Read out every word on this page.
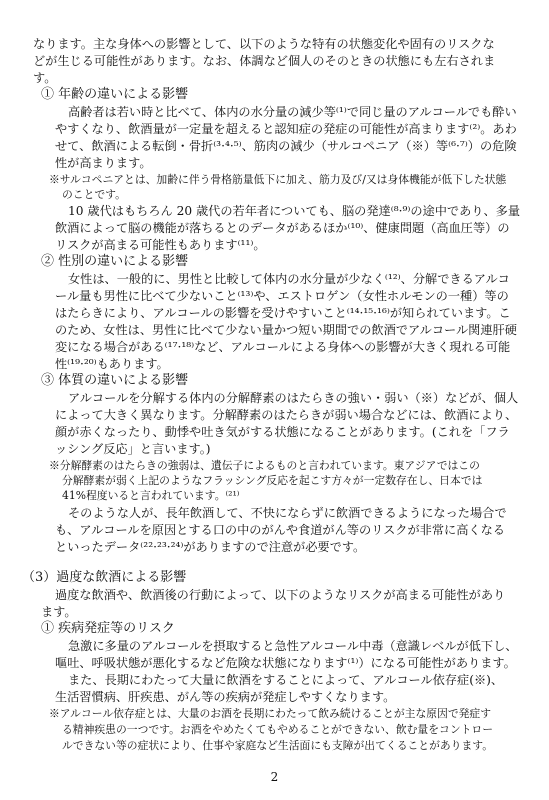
なります。主な身体への影響として、以下のような特有の状態変化や固有のリスクな
どが生じる可能性があります。なお、体調など個人のそのときの状態にも左右されま
す。
① 年齢の違いによる影響
高齢者は若い時と比べて、体内の水分量の減少等⁽¹⁾で同じ量のアルコールでも酔い
やすくなり、飲酒量が一定量を超えると認知症の発症の可能性が高まります⁽²⁾。あわ
せて、飲酒による転倒・骨折⁽³·⁴·⁵⁾、筋肉の減少（サルコペニア（※）等⁽⁶·⁷⁾）の危険
性が高まります。
※サルコペニアとは、加齢に伴う骨格筋量低下に加え、筋力及び/又は身体機能が低下した状態
のことです。
10 歳代はもちろん 20 歳代の若年者についても、脳の発達⁽⁸·⁹⁾の途中であり、多量
飲酒によって脳の機能が落ちるとのデータがあるほか⁽¹⁰⁾、健康問題（高血圧等）の
リスクが高まる可能性もあります⁽¹¹⁾。
② 性別の違いによる影響
女性は、一般的に、男性と比較して体内の水分量が少なく⁽¹²⁾、分解できるアルコ
ール量も男性に比べて少ないこと⁽¹³⁾や、エストロゲン（女性ホルモンの一種）等の
はたらきにより、アルコールの影響を受けやすいこと⁽¹⁴·¹⁵·¹⁶⁾が知られています。こ
のため、女性は、男性に比べて少ない量かつ短い期間での飲酒でアルコール関連肝硬
変になる場合がある⁽¹⁷·¹⁸⁾など、アルコールによる身体への影響が大きく現れる可能
性⁽¹⁹·²⁰⁾もあります。
③ 体質の違いによる影響
アルコールを分解する体内の分解酵素のはたらきの強い・弱い（※）などが、個人
によって大きく異なります。分解酵素のはたらきが弱い場合などには、飲酒により、
顔が赤くなったり、動悸や吐き気がする状態になることがあります。(これを「フラ
ッシング反応」と言います。)
※分解酵素のはたらきの強弱は、遺伝子によるものと言われています。東アジアではこの
分解酵素が弱く上記のようなフラッシング反応を起こす方々が一定数存在し、日本では
41%程度いると言われています。⁽²¹⁾
そのような人が、長年飲酒して、不快にならずに飲酒できるようになった場合で
も、アルコールを原因とする口の中のがんや食道がん等のリスクが非常に高くなる
といったデータ⁽²²·²³·²⁴⁾がありますので注意が必要です。
（3）過度な飲酒による影響
過度な飲酒や、飲酒後の行動によって、以下のようなリスクが高まる可能性があり
ます。
① 疾病発症等のリスク
急激に多量のアルコールを摂取すると急性アルコール中毒（意識レベルが低下し、
嘔吐、呼吸状態が悪化するなど危険な状態になります⁽¹⁾）になる可能性があります。
また、長期にわたって大量に飲酒をすることによって、アルコール依存症(※)、
生活習慣病、肝疾患、がん等の疾病が発症しやすくなります。
※アルコール依存症とは、大量のお酒を長期にわたって飲み続けることが主な原因で発症す
る精神疾患の一つです。お酒をやめたくてもやめることができない、飲む量をコントロー
ルできない等の症状により、仕事や家庭など生活面にも支障が出てくることがあります。
2
